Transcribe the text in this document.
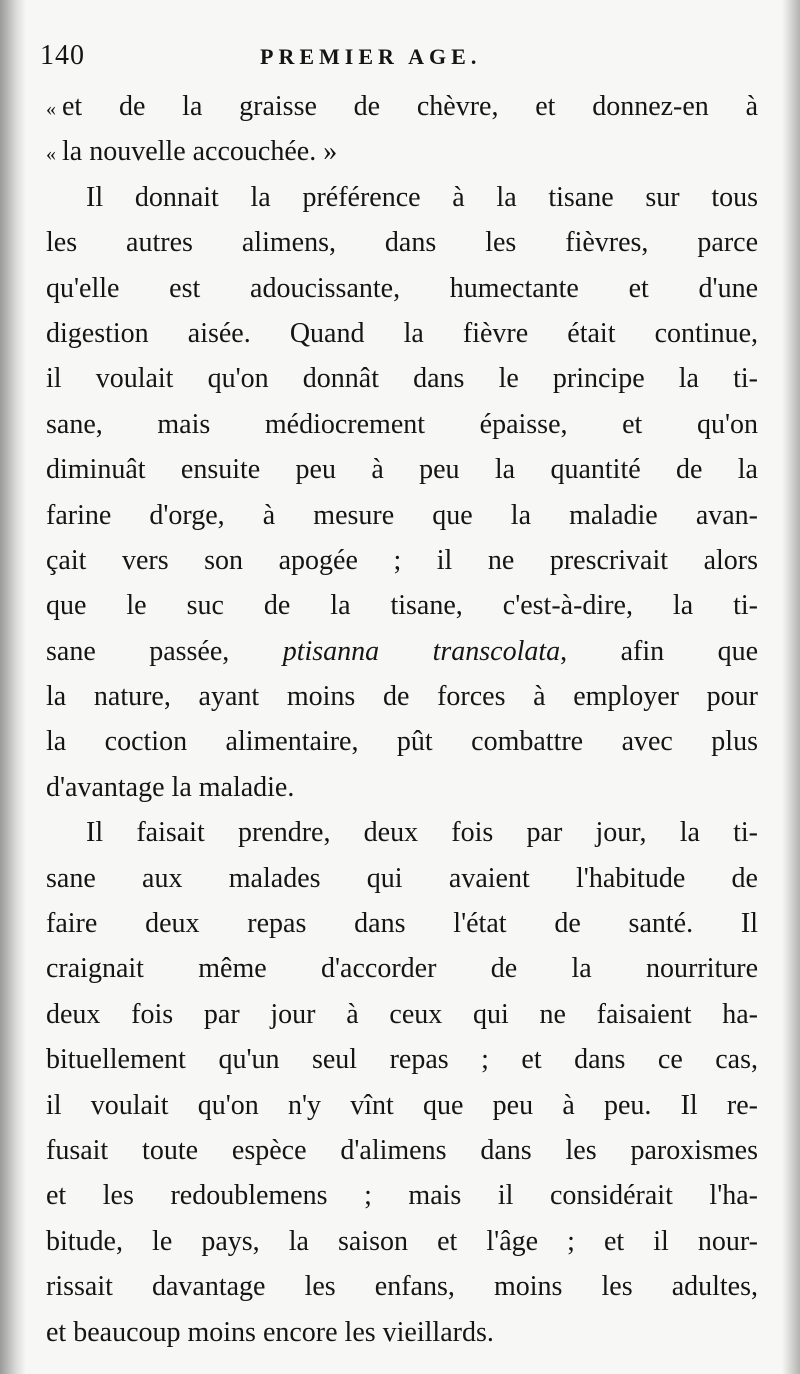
140	PREMIER AGE.
« et de la graisse de chèvre, et donnez-en à
« la nouvelle accouchée. »
Il donnait la préférence à la tisane sur tous
les autres alimens, dans les fièvres, parce
qu'elle est adoucissante, humectante et d'une
digestion aisée. Quand la fièvre était continue,
il voulait qu'on donnât dans le principe la ti-
sane, mais médiocrement épaisse, et qu'on
diminuât ensuite peu à peu la quantité de la
farine d'orge, à mesure que la maladie avan-
çait vers son apogée ; il ne prescrivait alors
que le suc de la tisane, c'est-à-dire, la ti-
sane passée, ptisanna transcolata, afin que
la nature, ayant moins de forces à employer pour
la coction alimentaire, pût combattre avec plus
d'avantage la maladie.
Il faisait prendre, deux fois par jour, la ti-
sane aux malades qui avaient l'habitude de
faire deux repas dans l'état de santé. Il
craignait même d'accorder de la nourriture
deux fois par jour à ceux qui ne faisaient ha-
bituellement qu'un seul repas ; et dans ce cas,
il voulait qu'on n'y vînt que peu à peu. Il re-
fusait toute espèce d'alimens dans les paroxismes
et les redoublemens ; mais il considérait l'ha-
bitude, le pays, la saison et l'âge ; et il nour-
rissait davantage les enfans, moins les adultes,
et beaucoup moins encore les vieillards.
